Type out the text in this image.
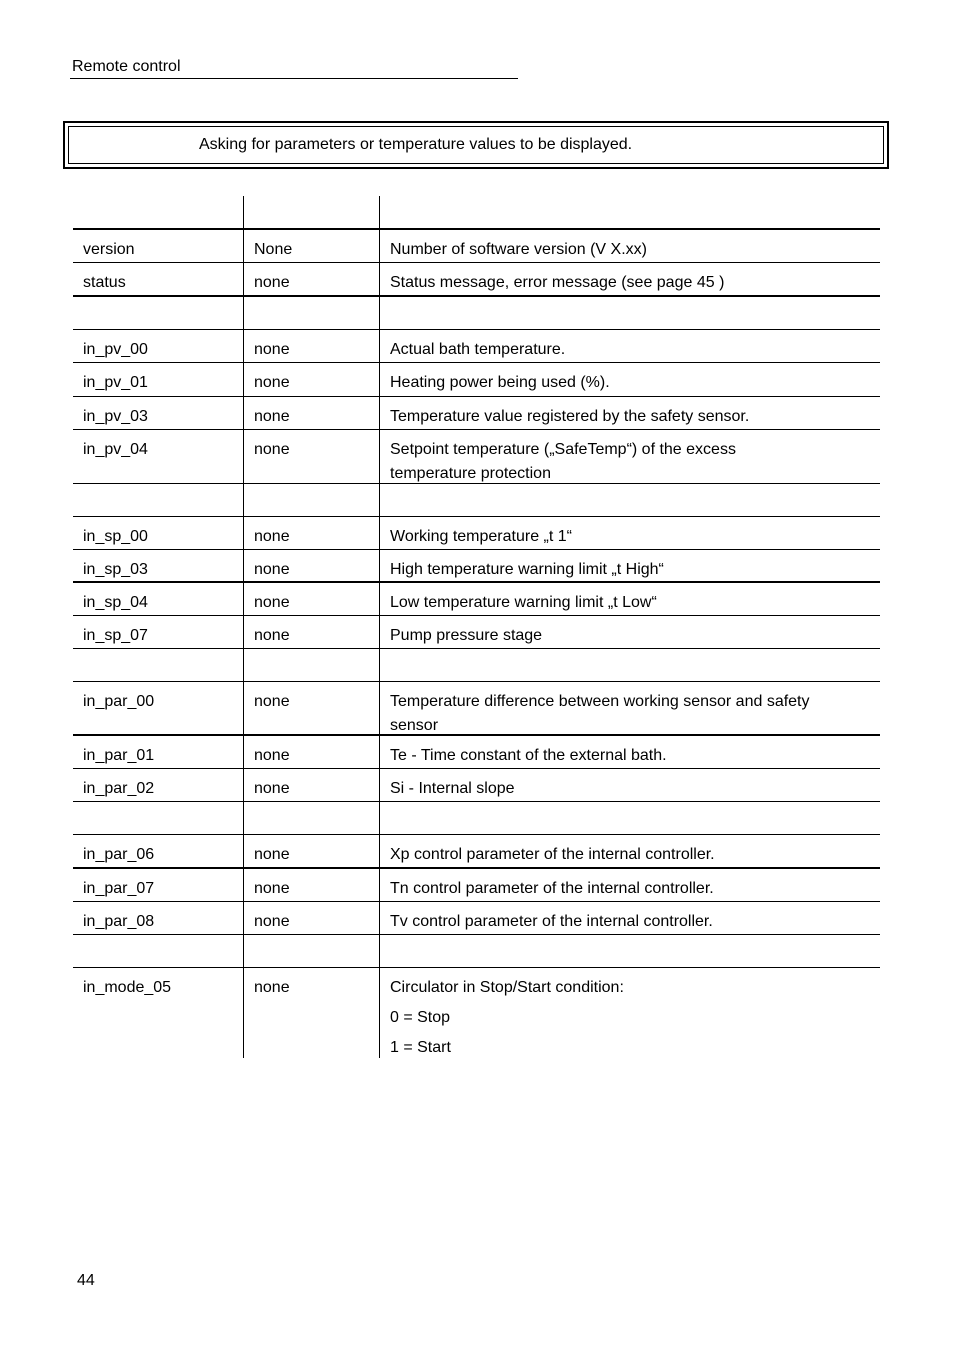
Remote control
Asking for parameters or temperature values to be displayed.
version	None	Number of software version (V X.xx)
status	none	Status message, error message (see page 45 )
in_pv_00	none	Actual bath temperature.
in_pv_01	none	Heating power being used (%).
in_pv_03	none	Temperature value registered by the safety sensor.
in_pv_04	none	Setpoint temperature („SafeTemp“) of the excess
temperature protection
in_sp_00	none	Working temperature „t 1“
in_sp_03	none	High temperature warning limit „t High“
in_sp_04	none	Low temperature warning limit „t Low“
in_sp_07	none	Pump pressure stage
in_par_00	none	Temperature difference between working sensor and safety
sensor
in_par_01	none	Te - Time constant of the external bath.
in_par_02	none	Si - Internal slope
in_par_06	none	Xp control parameter of the internal controller.
in_par_07	none	Tn control parameter of the internal controller.
in_par_08	none	Tv control parameter of the internal controller.
in_mode_05	none	Circulator in Stop/Start condition:
0 = Stop
1 = Start
44
